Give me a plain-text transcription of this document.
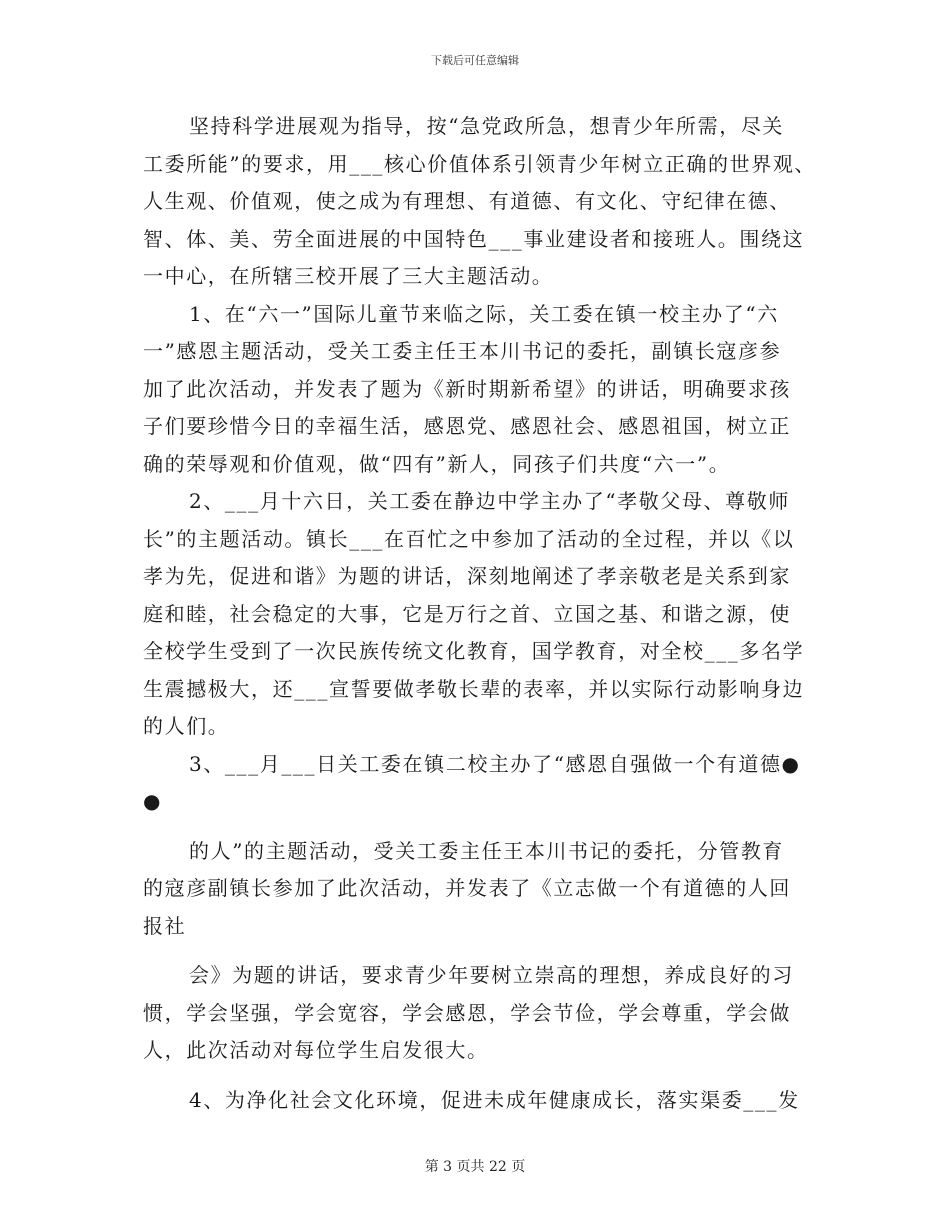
下载后可任意编辑
坚持科学进展观为指导，按“急党政所急，想青少年所需，尽关
工委所能”的要求，用___核心价值体系引领青少年树立正确的世界观、
人生观、价值观，使之成为有理想、有道德、有文化、守纪律在德、
智、体、美、劳全面进展的中国特色___事业建设者和接班人。围绕这
一中心，在所辖三校开展了三大主题活动。
1、在“六一”国际儿童节来临之际，关工委在镇一校主办了“六
一”感恩主题活动，受关工委主任王本川书记的委托，副镇长寇彦参
加了此次活动，并发表了题为《新时期新希望》的讲话，明确要求孩
子们要珍惜今日的幸福生活，感恩党、感恩社会、感恩祖国，树立正
确的荣辱观和价值观，做“四有”新人，同孩子们共度“六一”。
2、___月十六日，关工委在静边中学主办了“孝敬父母、尊敬师
长”的主题活动。镇长___在百忙之中参加了活动的全过程，并以《以
孝为先，促进和谐》为题的讲话，深刻地阐述了孝亲敬老是关系到家
庭和睦，社会稳定的大事，它是万行之首、立国之基、和谐之源，使
全校学生受到了一次民族传统文化教育，国学教育，对全校___多名学
生震撼极大，还___宣誓要做孝敬长辈的表率，并以实际行动影响身边
的人们。
3、___月___日关工委在镇二校主办了“感恩自强做一个有道德●
●
的人”的主题活动，受关工委主任王本川书记的委托，分管教育
的寇彦副镇长参加了此次活动，并发表了《立志做一个有道德的人回
报社
会》为题的讲话，要求青少年要树立崇高的理想，养成良好的习
惯，学会坚强，学会宽容，学会感恩，学会节俭，学会尊重，学会做
人，此次活动对每位学生启发很大。
4、为净化社会文化环境，促进未成年健康成长，落实渠委___发
第 3 页共 22 页
